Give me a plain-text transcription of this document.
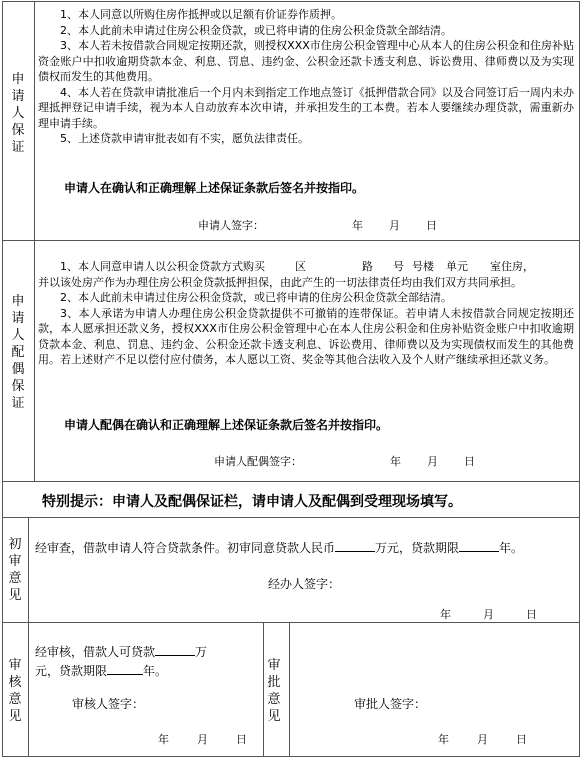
申
请
人
保
证

1、本人同意以所购住房作抵押或以足额有价证券作质押。

2、本人此前未申请过住房公积金贷款，或已将申请的住房公积金贷款全部结清。

3、本人若未按借款合同规定按期还款，则授权XXX市住房公积金管理中心从本人的住房公积金和住房补贴资金账户中扣收逾期贷款本金、利息、罚息、违约金、公积金还款卡透支利息、诉讼费用、律师费以及为实现债权而发生的其他费用。

4、本人若在贷款申请批准后一个月内未到指定工作地点签订《抵押借款合同》以及合同签订后一周内未办理抵押登记申请手续，视为本人自动放弃本次申请，并承担发生的工本费。若本人要继续办理贷款，需重新办理申请手续。

5、上述贷款申请审批表如有不实，愿负法律责任。

申请人在确认和正确理解上述保证条款后签名并按指印。
申请人签字：	年 月 日
申
请
人
配
偶
保
证

1、本人同意申请人以公积金贷款方式购买	区	路 号 号楼 单元 室住房，

并以该处房产作为办理住房公积金贷款抵押担保，由此产生的一切法律责任均由我们双方共同承担。

2、本人此前未申请过住房公积金贷款，或已将申请的住房公积金贷款全部结清。

3、本人承诺为申请人办理住房公积金贷款提供不可撤销的连带保证。若申请人未按借款合同规定按期还款，本人愿承担还款义务，授权XXX市住房公积金管理中心在本人住房公积金和住房补贴资金账户中扣收逾期贷款本金、利息、罚息、违约金、公积金还款卡透支利息、诉讼费用、律师费以及为实现债权而发生的其他费用。若上述财产不足以偿付应付债务，本人愿以工资、奖金等其他合法收入及个人财产继续承担还款义务。

申请人配偶在确认和正确理解上述保证条款后签名并按指印。
申请人配偶签字：	年 月 日
特别提示：申请人及配偶保证栏，请申请人及配偶到受理现场填写。
初
审
意
见
经审查，借款申请人符合贷款条件。初审同意贷款人民币	万元，贷款期限	年。
经办人签字：
年	月	日
审
核
意
见
经审核，借款人可贷款	万
元，贷款期限	年。
审核人签字：
年	月	日
审
批
意
见
审批人签字：
年	月	日
